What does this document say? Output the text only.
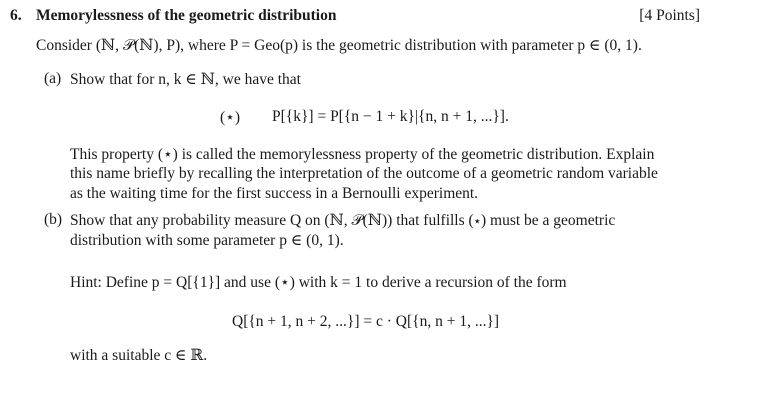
6. Memorylessness of the geometric distribution	[4 Points]
Consider (ℕ, 𝒫(ℕ), P), where P = Geo(p) is the geometric distribution with parameter p ∈ (0, 1).
(a) Show that for n, k ∈ ℕ, we have that
(⋆) P[{k}] = P[{n − 1 + k}|{n, n + 1, ...}].
This property (⋆) is called the memorylessness property of the geometric distribution. Explain
this name briefly by recalling the interpretation of the outcome of a geometric random variable
as the waiting time for the first success in a Bernoulli experiment.
(b) Show that any probability measure Q on (ℕ, 𝒫(ℕ)) that fulfills (⋆) must be a geometric
distribution with some parameter p ∈ (0, 1).
Hint: Define p = Q[{1}] and use (⋆) with k = 1 to derive a recursion of the form
Q[{n + 1, n + 2, ...}] = c · Q[{n, n + 1, ...}]
with a suitable c ∈ ℝ.
